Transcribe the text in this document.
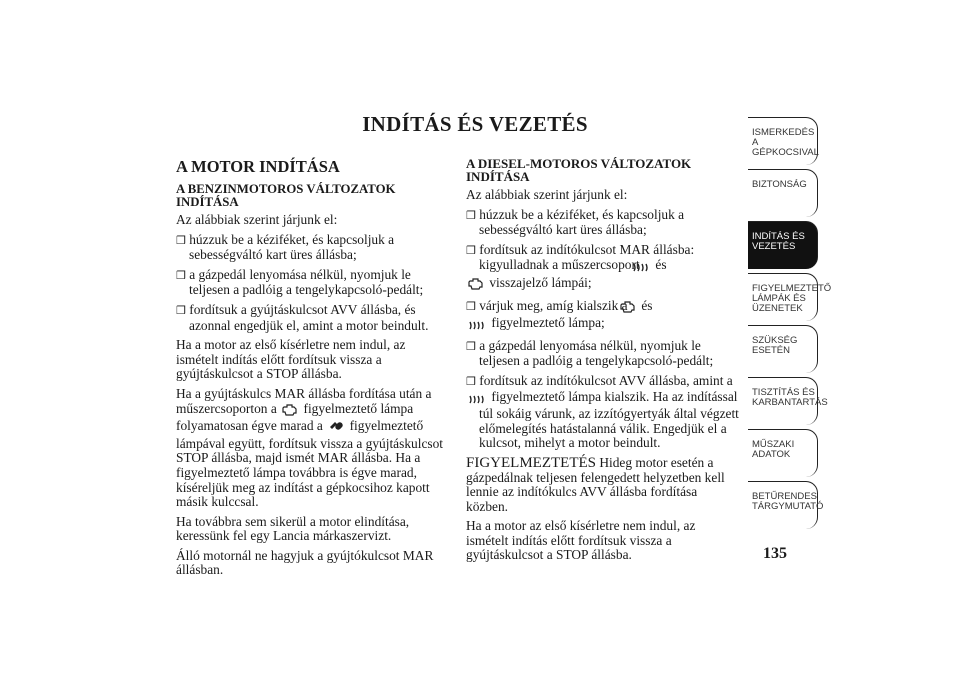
INDÍTÁS ÉS VEZETÉS
A MOTOR INDÍTÁSA
A BENZINMOTOROS VÁLTOZATOK INDÍTÁSA
Az alábbiak szerint járjunk el:
❒ húzzuk be a kéziféket, és kapcsoljuk a sebességváltó kart üres állásba;
❒ a gázpedál lenyomása nélkül, nyomjuk le teljesen a padlóig a tengelykapcsoló-pedált;
❒ fordítsuk a gyújtáskulcsot AVV állásba, és azonnal engedjük el, amint a motor beindult.
Ha a motor az első kísérletre nem indul, az ismételt indítás előtt fordítsuk vissza a gyújtáskulcsot a STOP állásba.
Ha a gyújtáskulcs MAR állásba fordítása után a műszercsoporton a figyelmeztető lámpa folyamatosan égve marad a figyelmeztető lámpával együtt, fordítsuk vissza a gyújtáskulcsot STOP állásba, majd ismét MAR állásba. Ha a figyelmeztető lámpa továbbra is égve marad, kíséreljük meg az indítást a gépkocsihoz kapott másik kulccsal.
Ha továbbra sem sikerül a motor elindítása, keressünk fel egy Lancia márkaszervizt.
Álló motornál ne hagyjuk a gyújtókulcsot MAR állásban.
A DIESEL-MOTOROS VÁLTOZATOK INDÍTÁSA
Az alábbiak szerint járjunk el:
❒ húzzuk be a kéziféket, és kapcsoljuk a sebességváltó kart üres állásba;
❒ fordítsuk az indítókulcsot MAR állásba: kigyulladnak a műszercsoport és
visszajelző lámpái;
❒ várjuk meg, amíg kialszik a és
figyelmeztető lámpa;
❒ a gázpedál lenyomása nélkül, nyomjuk le teljesen a padlóig a tengelykapcsoló-pedált;
❒ fordítsuk az indítókulcsot AVV állásba, amint a
figyelmeztető lámpa kialszik. Ha az indítással túl sokáig várunk, az izzítógyertyák által végzett előmelegítés hatástalanná válik. Engedjük el a kulcsot, mihelyt a motor beindult.
FIGYELMEZTETÉS Hideg motor esetén a gázpedálnak teljesen felengedett helyzetben kell lennie az indítókulcs AVV állásba fordítása közben.
Ha a motor az első kísérletre nem indul, az ismételt indítás előtt fordítsuk vissza a gyújtáskulcsot a STOP állásba.
ISMERKEDÉS A GÉPKOCSIVAL
BIZTONSÁG
INDÍTÁS ÉS VEZETÉS
FIGYELMEZTETŐ LÁMPÁK ÉS ÜZENETEK
SZÜKSÉG ESETÉN
TISZTÍTÁS ÉS KARBANTARTÁS
MŰSZAKI ADATOK
BETŰRENDES TÁRGYMUTATÓ
135
